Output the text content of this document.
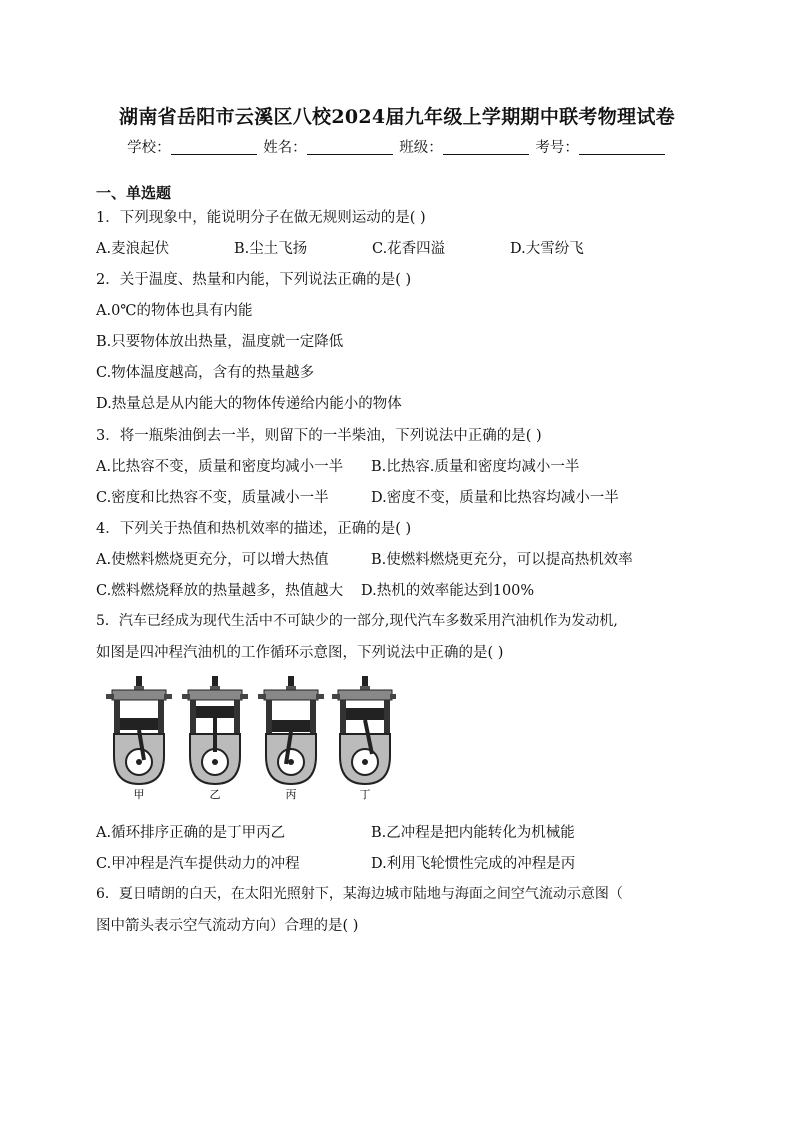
湖南省岳阳市云溪区八校2024届九年级上学期期中联考物理试卷
学校：	姓名：	班级：	考号：
一、单选题
1．下列现象中，能说明分子在做无规则运动的是( )
A.麦浪起伏	B.尘土飞扬	C.花香四溢	D.大雪纷飞
2．关于温度、热量和内能，下列说法正确的是( )
A.0℃的物体也具有内能
B.只要物体放出热量，温度就一定降低
C.物体温度越高，含有的热量越多
D.热量总是从内能大的物体传递给内能小的物体
3．将一瓶柴油倒去一半，则留下的一半柴油，下列说法中正确的是( )
A.比热容不变，质量和密度均减小一半 B.比热容.质量和密度均减小一半
C.密度和比热容不变，质量减小一半	D.密度不变，质量和比热容均减小一半
4．下列关于热值和热机效率的描述，正确的是( )
A.使燃料燃烧更充分，可以增大热值	B.使燃料燃烧更充分，可以提高热机效率
C.燃料燃烧释放的热量越多，热值越大 D.热机的效率能达到100%
5．汽车已经成为现代生活中不可缺少的一部分,现代汽车多数采用汽油机作为发动机,
如图是四冲程汽油机的工作循环示意图，下列说法中正确的是( )
甲	乙	丙	丁
A.循环排序正确的是丁甲丙乙	B.乙冲程是把内能转化为机械能
C.甲冲程是汽车提供动力的冲程	D.利用飞轮惯性完成的冲程是丙
6．夏日晴朗的白天，在太阳光照射下，某海边城市陆地与海面之间空气流动示意图（
图中箭头表示空气流动方向）合理的是( )
